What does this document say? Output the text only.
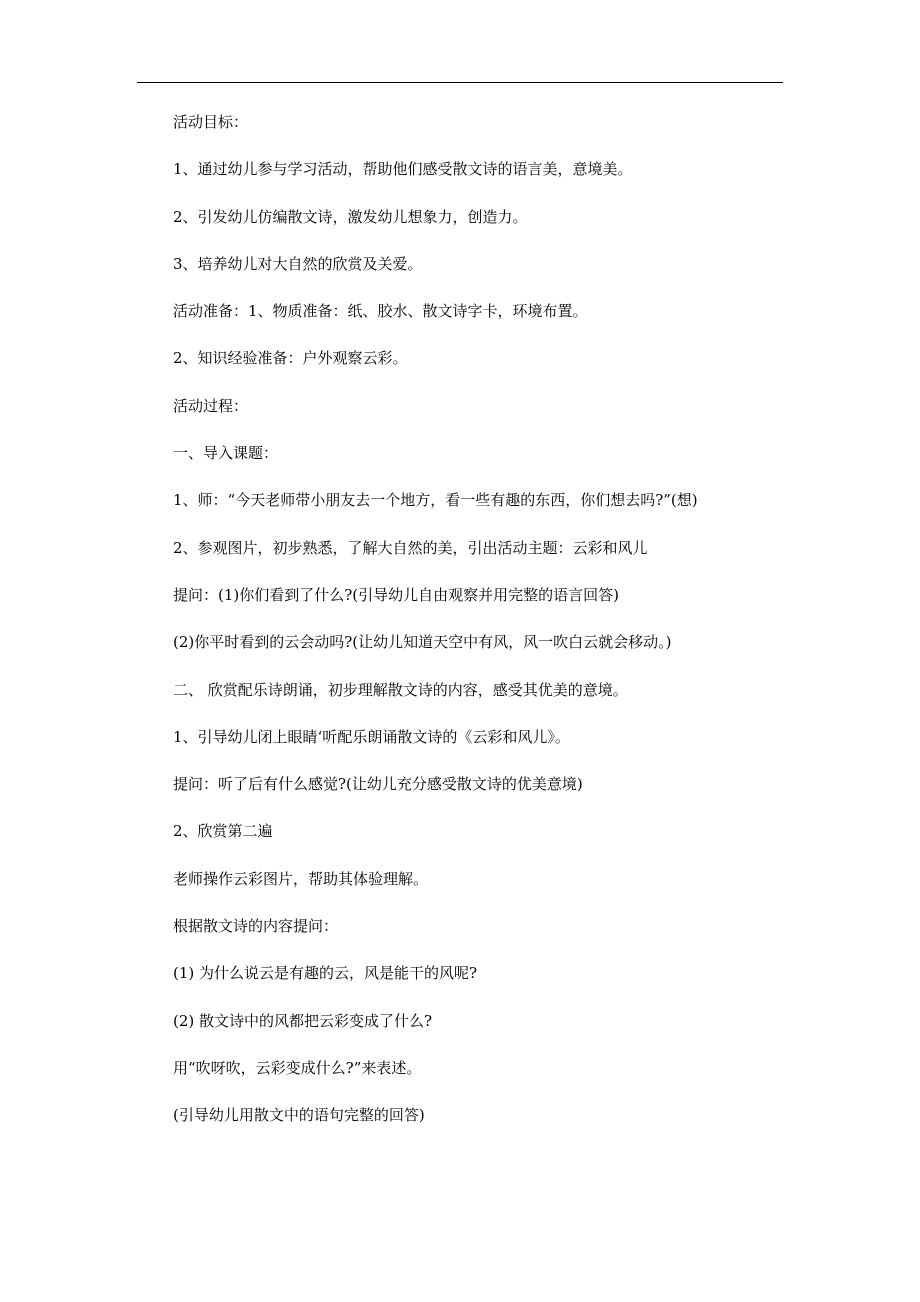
活动目标：
1、通过幼儿参与学习活动，帮助他们感受散文诗的语言美，意境美。
2、引发幼儿仿编散文诗，激发幼儿想象力，创造力。
3、培养幼儿对大自然的欣赏及关爱。
活动准备：1、物质准备：纸、胶水、散文诗字卡，环境布置。
2、知识经验准备：户外观察云彩。
活动过程：
一、导入课题：
1、师：“今天老师带小朋友去一个地方，看一些有趣的东西，你们想去吗?”(想)
2、参观图片，初步熟悉，了解大自然的美，引出活动主题：云彩和风儿
提问：(1)你们看到了什么?(引导幼儿自由观察并用完整的语言回答)
(2)你平时看到的云会动吗?(让幼儿知道天空中有风，风一吹白云就会移动。)
二、 欣赏配乐诗朗诵，初步理解散文诗的内容，感受其优美的意境。
1、引导幼儿闭上眼睛‘听配乐朗诵散文诗的《云彩和风儿》。
提问：听了后有什么感觉?(让幼儿充分感受散文诗的优美意境)
2、欣赏第二遍
老师操作云彩图片，帮助其体验理解。
根据散文诗的内容提问：
(1) 为什么说云是有趣的云，风是能干的风呢?
(2) 散文诗中的风都把云彩变成了什么?
用“吹呀吹，云彩变成什么?”来表述。
(引导幼儿用散文中的语句完整的回答)
